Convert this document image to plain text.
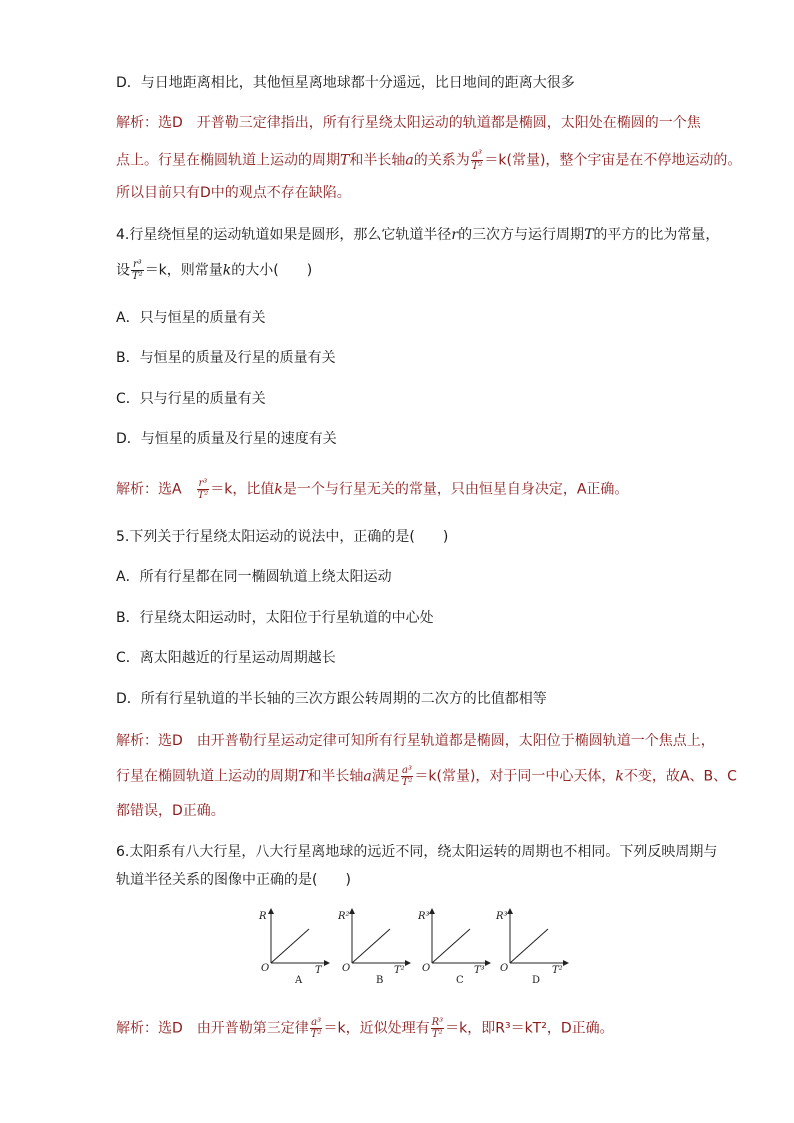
D．与日地距离相比，其他恒星离地球都十分遥远，比日地间的距离大很多
解析：选D　开普勒三定律指出，所有行星绕太阳运动的轨道都是椭圆，太阳处在椭圆的一个焦
点上。行星在椭圆轨道上运动的周期T和半长轴a的关系为 $\frac{\text{a³}}{\text{T²}} =k$(常量)，整个宇宙是在不停地运动的。
所以目前只有D中的观点不存在缺陷。
4.行星绕恒星的运动轨道如果是圆形，那么它轨道半径r的三次方与运行周期T的平方的比为常量，
设 $\frac{\text{r³}}{\text{T²}} =k$，则常量k的大小(　　)
A．只与恒星的质量有关
B．与恒星的质量及行星的质量有关
C．只与行星的质量有关
D．与恒星的质量及行星的速度有关
解析：选A　 $\frac{\text{r³}}{\text{T²}} =k$，比值k是一个与行星无关的常量，只由恒星自身决定，A正确。
5.下列关于行星绕太阳运动的说法中，正确的是(　　)
A．所有行星都在同一椭圆轨道上绕太阳运动
B．行星绕太阳运动时，太阳位于行星轨道的中心处
C．离太阳越近的行星运动周期越长
D．所有行星轨道的半长轴的三次方跟公转周期的二次方的比值都相等
解析：选D　由开普勒行星运动定律可知所有行星轨道都是椭圆，太阳位于椭圆轨道一个焦点上，
行星在椭圆轨道上运动的周期T和半长轴a满足 $\frac{\text{a³}}{\text{T²}} =k$(常量)，对于同一中心天体，k不变，故A、B、C
都错误，D正确。
6.太阳系有八大行星，八大行星离地球的远近不同，绕太阳运转的周期也不相同。下列反映周期与
轨道半径关系的图像中正确的是(　　)
R
T
O
A
R²
T²
O
B
R³
T³
O
C
R³
T²
O
D
解析：选D　由开普勒第三定律 $\frac{\text{a³}}{\text{T²}} =k$，近似处理有 $\frac{\text{R³}}{\text{T²}} =k$，即R³＝kT²，D正确。
